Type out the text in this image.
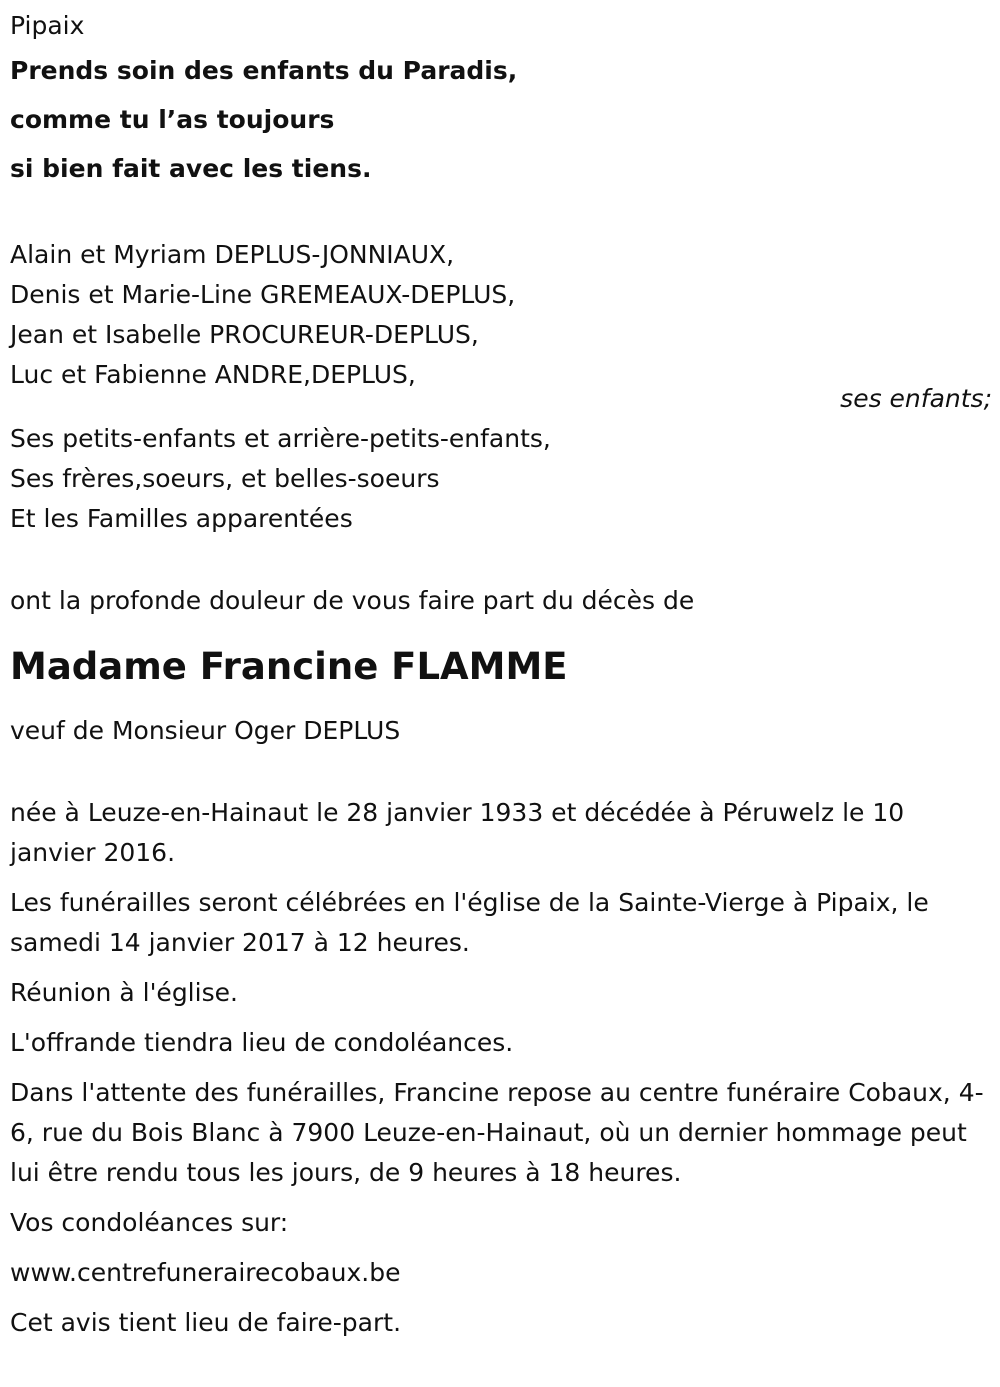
Pipaix
Prends soin des enfants du Paradis,
comme tu l’as toujours
si bien fait avec les tiens.
Alain et Myriam DEPLUS-JONNIAUX,
Denis et Marie-Line GREMEAUX-DEPLUS,
Jean et Isabelle PROCUREUR-DEPLUS,
Luc et Fabienne ANDRE,DEPLUS,
ses enfants;
Ses petits-enfants et arrière-petits-enfants,
Ses frères,soeurs, et belles-soeurs
Et les Familles apparentées
ont la profonde douleur de vous faire part du décès de
Madame Francine FLAMME
veuf de Monsieur Oger DEPLUS
née à Leuze-en-Hainaut le 28 janvier 1933 et décédée à Péruwelz le 10 janvier 2016.
Les funérailles seront célébrées en l'église de la Sainte-Vierge à Pipaix, le samedi 14 janvier 2017 à 12 heures.
Réunion à l'église.
L'offrande tiendra lieu de condoléances.
Dans l'attente des funérailles, Francine repose au centre funéraire Cobaux, 4-6, rue du Bois Blanc à 7900 Leuze-en-Hainaut, où un dernier hommage peut lui être rendu tous les jours, de 9 heures à 18 heures.
Vos condoléances sur:
www.centrefunerairecobaux.be
Cet avis tient lieu de faire-part.
